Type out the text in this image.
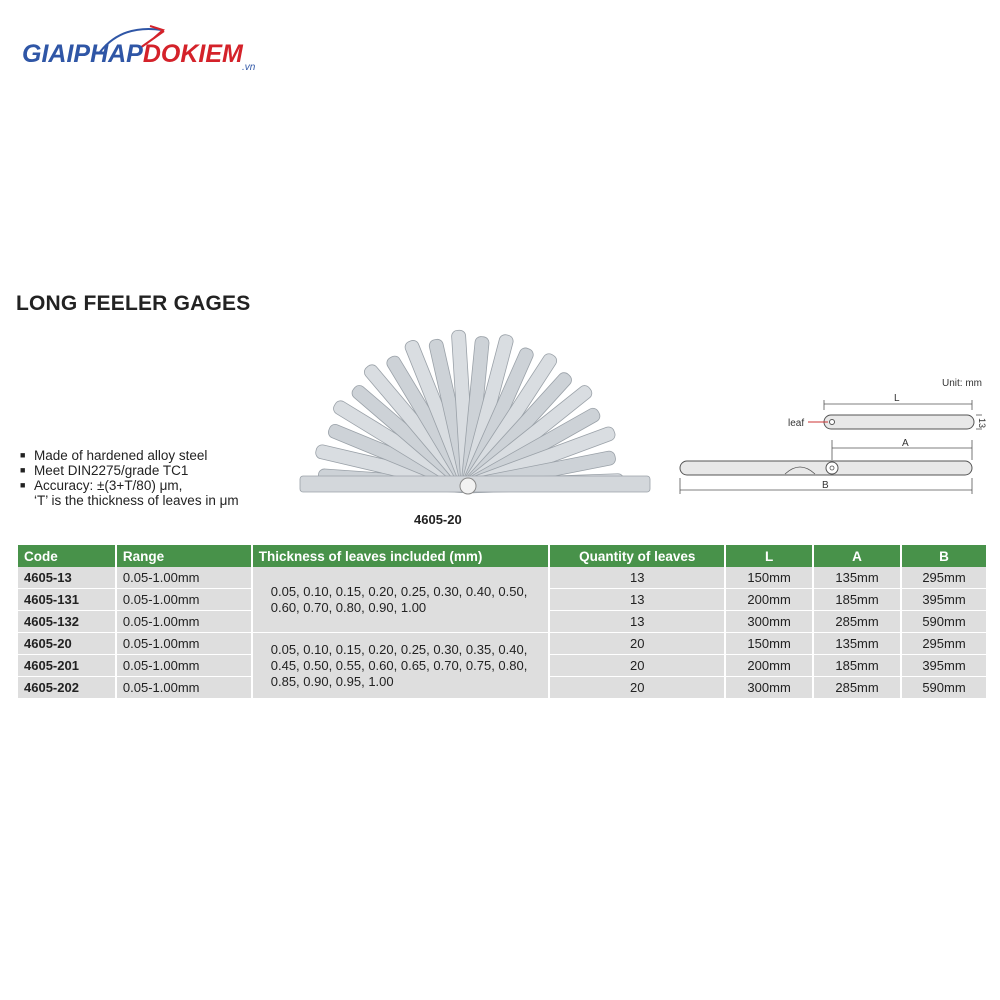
GIAIPHAPDOKIEM .vn
LONG FEELER GAGES
■ Made of hardened alloy steel
■ Meet DIN2275/grade TC1
■ Accuracy: ±(3+T/80) μm,
‘T’ is the thickness of leaves in μm
4605-20
Unit: mm
L
leaf	13
A
B
Code	Range	Thickness of leaves included (mm)	Quantity of leaves	L	A	B
4605-13	0.05-1.00mm	0.05, 0.10, 0.15, 0.20, 0.25, 0.30, 0.40, 0.50, 0.60, 0.70, 0.80, 0.90, 1.00	13	150mm	135mm	295mm
4605-131	0.05-1.00mm		13	200mm	185mm	395mm
4605-132	0.05-1.00mm		13	300mm	285mm	590mm
4605-20	0.05-1.00mm	0.05, 0.10, 0.15, 0.20, 0.25, 0.30, 0.35, 0.40, 0.45, 0.50, 0.55, 0.60, 0.65, 0.70, 0.75, 0.80, 0.85, 0.90, 0.95, 1.00	20	150mm	135mm	295mm
4605-201	0.05-1.00mm		20	200mm	185mm	395mm
4605-202	0.05-1.00mm		20	300mm	285mm	590mm
